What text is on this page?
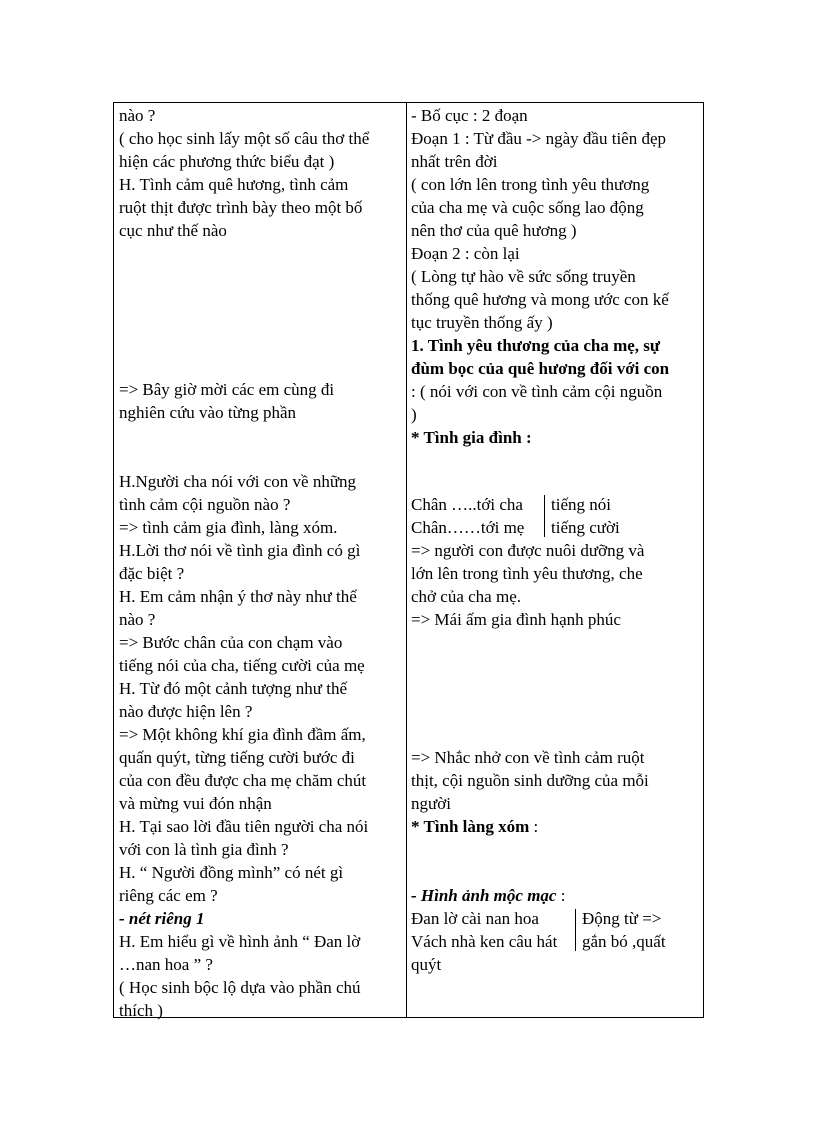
nào ?
( cho học sinh lấy một số câu thơ thể
hiện các phương thức biểu đạt )
H. Tình cảm quê hương, tình cảm
ruột thịt được trình bày theo một bố
cục như thế nào
=> Bây giờ mời các em cùng đi
nghiên cứu vào từng phần
H.Người cha nói với con về những
tình cảm cội nguồn nào ?
=> tình cảm gia đình, làng xóm.
H.Lời thơ nói về tình gia đình có gì
đặc biệt ?
H. Em cảm nhận ý thơ này như thế
nào ?
=> Bước chân của con chạm vào
tiếng nói của cha, tiếng cười của mẹ
H. Từ đó một cảnh tượng như thế
nào được hiện lên ?
=> Một không khí gia đình đầm ấm,
quấn quýt, từng tiếng cười bước đi
của con đều được cha mẹ chăm chút
và mừng vui đón nhận
H. Tại sao lời đầu tiên người cha nói
với con là tình gia đình ?
H. “ Người đồng mình” có nét gì
riêng các em ?
- nét riêng 1
H. Em hiểu gì về hình ảnh “ Đan lờ
…nan hoa ” ?
( Học sinh bộc lộ dựa vào phần chú
thích )
- Bố cục : 2 đoạn
Đoạn 1 : Từ đầu -> ngày đầu tiên đẹp
nhất trên đời
( con lớn lên trong tình yêu thương
của cha mẹ và cuộc sống lao động
nên thơ của quê hương )
Đoạn 2 : còn lại
( Lòng tự hào về sức sống truyền
thống quê hương và mong ước con kế
tục truyền thống ấy )
1. Tình yêu thương của cha mẹ, sự
đùm bọc của quê hương đối với con
: ( nói với con về tình cảm cội nguồn
)
* Tình gia đình :
Chân …..tới cha tiếng nói
Chân……tới mẹ tiếng cười
=> người con được nuôi dưỡng và
lớn lên trong tình yêu thương, che
chở của cha mẹ.
=> Mái ấm gia đình hạnh phúc
=> Nhắc nhở con về tình cảm ruột
thịt, cội nguồn sinh dưỡng của mỗi
người
* Tình làng xóm :
- Hình ảnh mộc mạc :
Đan lờ cài nan hoa	Động từ =>
Vách nhà ken câu hát gắn bó ,quất
quýt
